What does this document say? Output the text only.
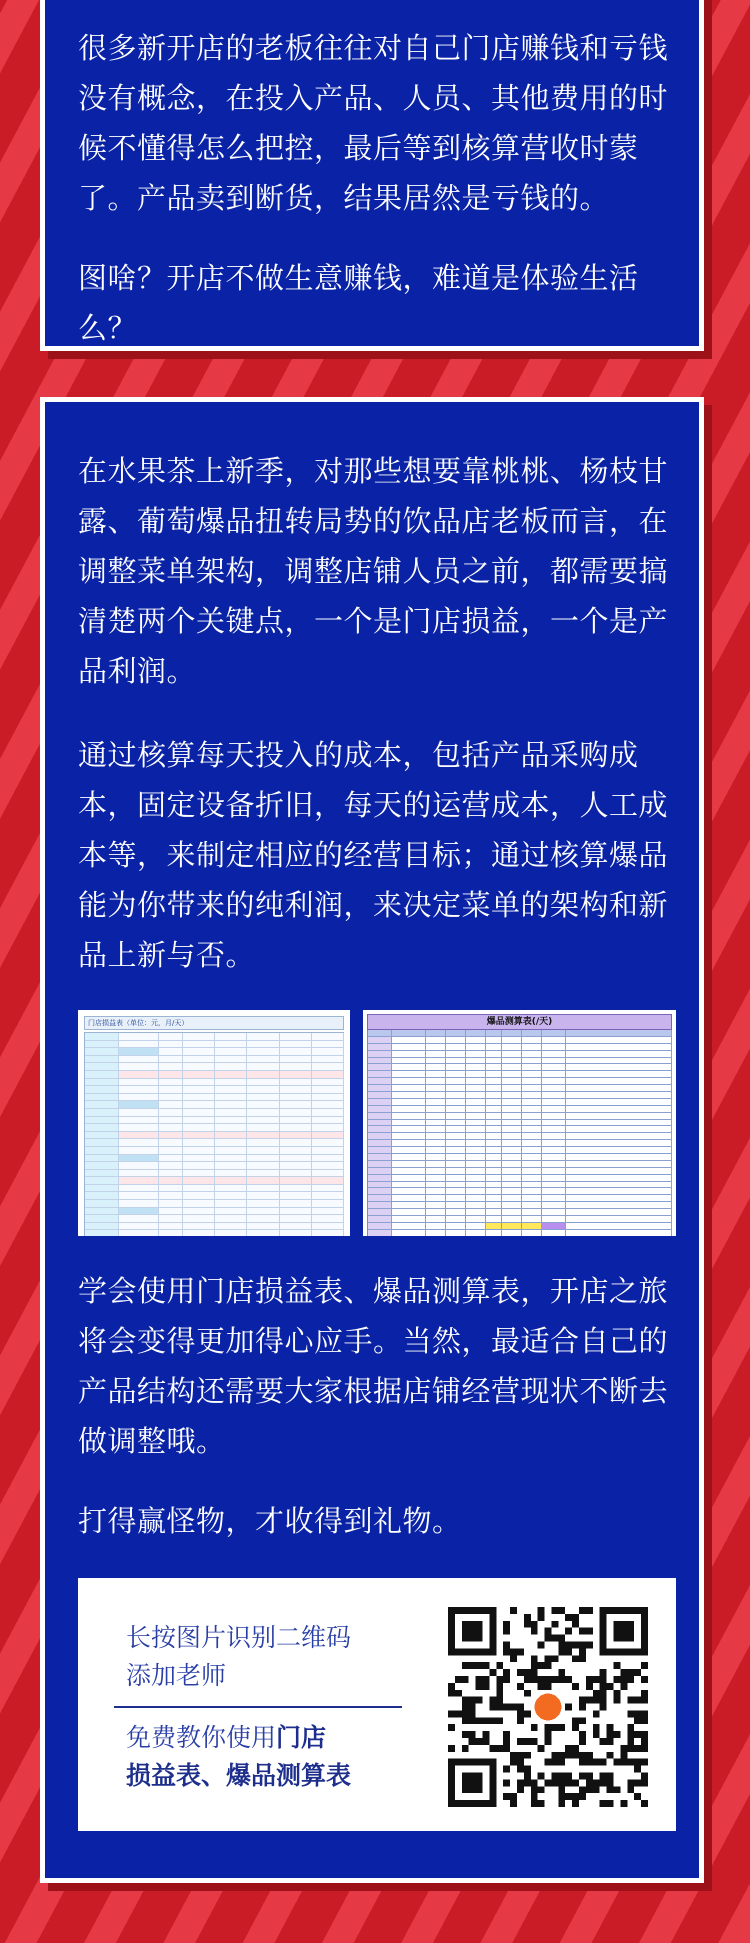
很多新开店的老板往往对自己门店赚钱和亏钱没有概念，在投入产品、人员、其他费用的时候不懂得怎么把控，最后等到核算营收时蒙了。产品卖到断货，结果居然是亏钱的。

图啥？开店不做生意赚钱，难道是体验生活么？

在水果茶上新季，对那些想要靠桃桃、杨枝甘露、葡萄爆品扭转局势的饮品店老板而言，在调整菜单架构，调整店铺人员之前，都需要搞清楚两个关键点，一个是门店损益，一个是产品利润。

通过核算每天投入的成本，包括产品采购成本，固定设备折旧，每天的运营成本，人工成本等，来制定相应的经营目标；通过核算爆品能为你带来的纯利润，来决定菜单的架构和新品上新与否。

门店损益表（单位：元，月/天）	爆品测算表(/天)

学会使用门店损益表、爆品测算表，开店之旅将会变得更加得心应手。当然，最适合自己的产品结构还需要大家根据店铺经营现状不断去做调整哦。

打得赢怪物，才收得到礼物。

长按图片识别二维码

添加老师

免费教你使用门店

损益表、爆品测算表
